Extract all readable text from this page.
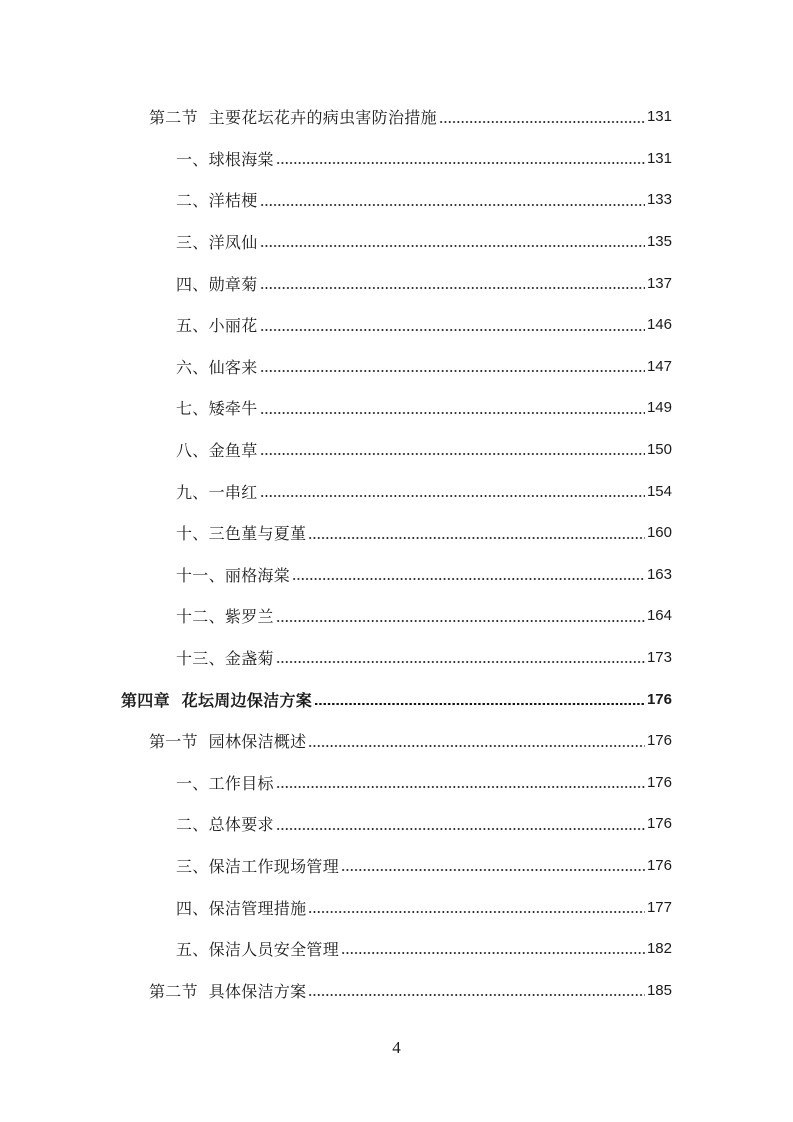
第二节  主要花坛花卉的病虫害防治措施	131
一、球根海棠	131
二、洋桔梗	133
三、洋凤仙	135
四、勋章菊	137
五、小丽花	146
六、仙客来	147
七、矮牵牛	149
八、金鱼草	150
九、一串红	154
十、三色堇与夏堇	160
十一、丽格海棠	163
十二、紫罗兰	164
十三、金盏菊	173
第四章  花坛周边保洁方案	176
第一节  园林保洁概述	176
一、工作目标	176
二、总体要求	176
三、保洁工作现场管理	176
四、保洁管理措施	177
五、保洁人员安全管理	182
第二节  具体保洁方案	185
4
